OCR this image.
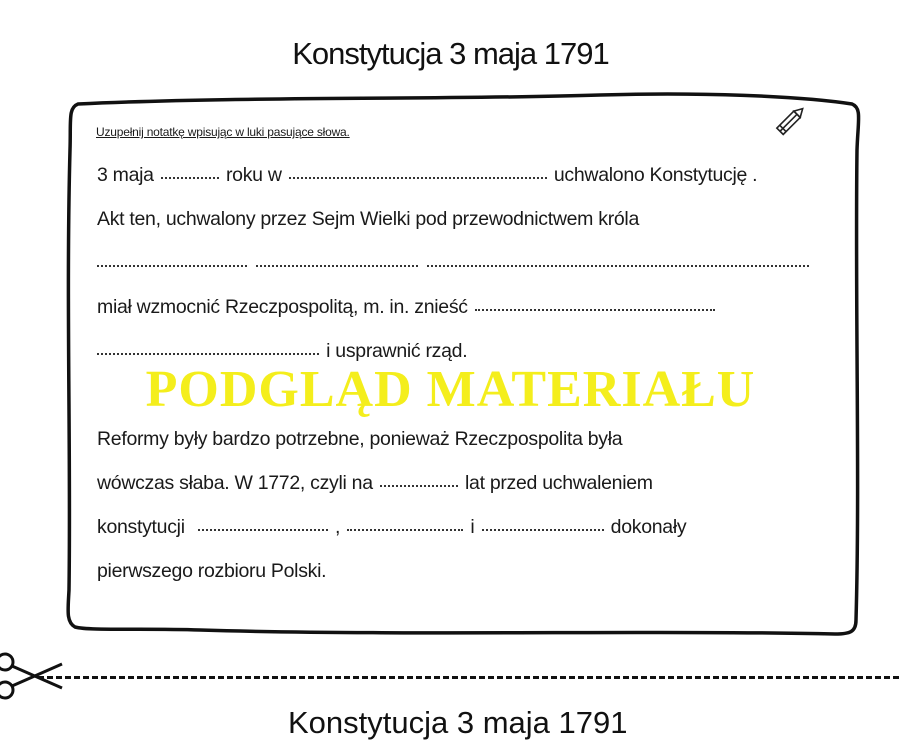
Konstytucja 3 maja 1791
Uzupełnij notatkę wpisując w luki pasujące słowa.
3 maja	roku w	uchwalono Konstytucję .
Akt ten, uchwalony przez Sejm Wielki pod przewodnictwem króla

miał wzmocnić Rzeczpospolitą, m. in. znieść
i usprawnić rząd.
PODGLĄD MATERIAŁU
Reformy były bardzo potrzebne, ponieważ Rzeczpospolita była
wówczas słaba. W 1772, czyli na	lat przed uchwaleniem
konstytucji	,	i	dokonały
pierwszego rozbioru Polski.
Konstytucja 3 maja 1791
